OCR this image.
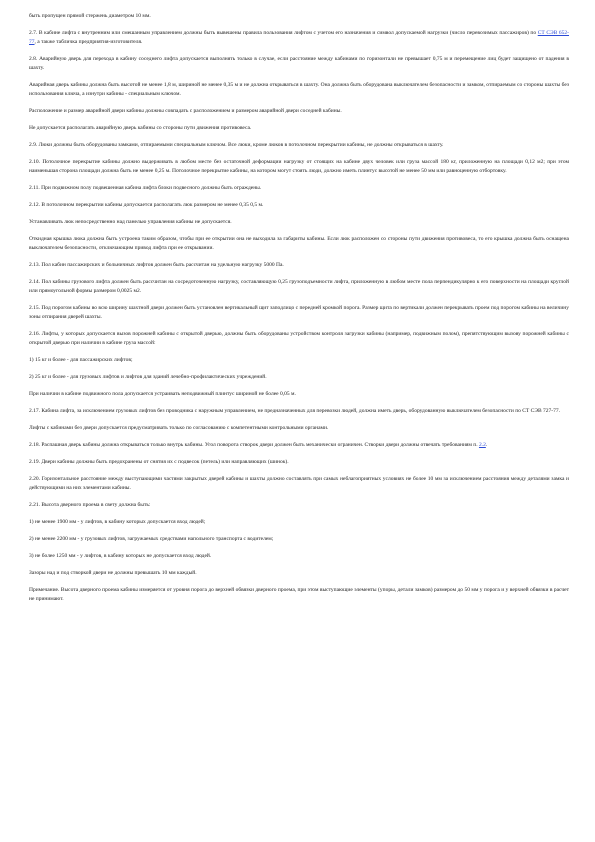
быть пропущен прямой стержень диаметром 10 мм.

2.7. В кабине лифта с внутренним или смешанным управлением должны быть вывешены правила пользования лифтом с учетом его назначения и символ допускаемой нагрузки (число перевозимых пассажиров) по СТ СЭВ 652-77, а также табличка предприятия-изготовителя.

2.8. Аварийную дверь для перехода в кабину соседнего лифта допускается выполнять только в случае, если расстояние между кабинами по горизонтали не превышает 0,75 м и перемещение лиц будет защищено от падения в шахту.

Аварийная дверь кабины должна быть высотой не менее 1,8 м, шириной не менее 0,35 м и не должна открываться в шахту. Она должна быть оборудована выключателем безопасности и замком, отпираемым со стороны шахты без использования ключа, а изнутри кабины - специальным ключом.

Расположение и размер аварийной двери кабины должны совпадать с расположением и размером аварийной двери соседней кабины.

Не допускается располагать аварийную дверь кабины со стороны пути движения противовеса.

2.9. Люки должны быть оборудованы замками, отпираемыми специальным ключом. Все люки, кроме люков в потолочном перекрытии кабины, не должны открываться в шахту.

2.10. Потолочное перекрытие кабины должно выдерживать в любом месте без остаточной деформации нагрузку от стоящих на кабине двух человек или груза массой 180 кг, приложенную на площади 0,12 м2; при этом наименьшая сторона площади должна быть не менее 0,25 м. Потолочное перекрытие кабины, на котором могут стоять люди, должно иметь плинтус высотой не менее 50 мм или равноценную отбортовку.

2.11. При подвижном полу подвешенная кабина лифта блоки подвесного должны быть ограждены.

2.12. В потолочном перекрытии кабины допускается располагать люк размером не менее 0,35 0,5 м.

Устанавливать люк непосредственно над панелью управления кабины не допускается.

Откидная крышка люка должна быть устроена таким образом, чтобы при ее открытии она не выходила за габариты кабины. Если люк расположен со стороны пути движения противовеса, то его крышка должна быть оснащена выключателем безопасности, отключающим привод лифта при ее открывании.

2.13. Пол кабин пассажирских и больничных лифтов должен быть рассчитан на удельную нагрузку 5000 Па.

2.14. Пол кабины грузового лифта должен быть рассчитан на сосредоточенную нагрузку, составляющую 0,25 грузоподъемности лифта, приложенную в любом месте пола перпендикулярно к его поверхности на площади круглой или прямоугольной формы размером 0,0025 м2.

2.15. Под порогом кабины во всю ширину шахтной двери должен быть установлен вертикальный щит заподлицо с передней кромкой порога. Размер щита по вертикали должен перекрывать проем под порогом кабины на величину зоны отпирания дверей шахты.

2.16. Лифты, у которых допускается вызов порожней кабины с открытой дверью, должны быть оборудованы устройством контроля загрузки кабины (например, подвижным полом), препятствующим вызову порожней кабины с открытой дверью при наличии в кабине груза массой:

1) 15 кг и более - для пассажирских лифтов;

2) 25 кг и более - для грузовых лифтов и лифтов для зданий лечебно-профилактических учреждений.

При наличии в кабине подвижного пола допускается устраивать неподвижный плинтус шириной не более 0,05 м.

2.17. Кабина лифта, за исключением грузовых лифтов без проводника с наружным управлением, не предназначенных для перевозки людей, должна иметь дверь, оборудованную выключателем безопасности по СТ СЭВ 727-77.

Лифты с кабинами без двери допускается предусматривать только по согласованию с компетентными контрольными органами.

2.18. Распашная дверь кабины должна открываться только внутрь кабины. Угол поворота створок двери должен быть механически ограничен. Створки двери должны отвечать требованиям п. 2.2.

2.19. Двери кабины должны быть предохранены от снятия их с подвесок (петель) или направляющих (шинок).

2.20. Горизонтальное расстояние между выступающими частями закрытых дверей кабины и шахты должно составлять при самых неблагоприятных условиях не более 10 мм за исключением расстояния между деталями замка и действующими на них элементами кабины.

2.21. Высота дверного проема в свету должна быть:

1) не менее 1900 мм - у лифтов, в кабину которых допускается вход людей;

2) не менее 2200 мм - у грузовых лифтов, загружаемых средствами напольного транспорта с водителем;

3) не более 1250 мм - у лифтов, в кабину которых не допускается вход людей.

Зазоры над и под створкой двери не должны превышать 10 мм каждый.

Примечание. Высота дверного проема кабины измеряется от уровня порога до верхней обвязки дверного проема, при этом выступающие элементы (упоры, детали замков) размером до 50 мм у порога и у верхней обвязки в расчет не принимают.
